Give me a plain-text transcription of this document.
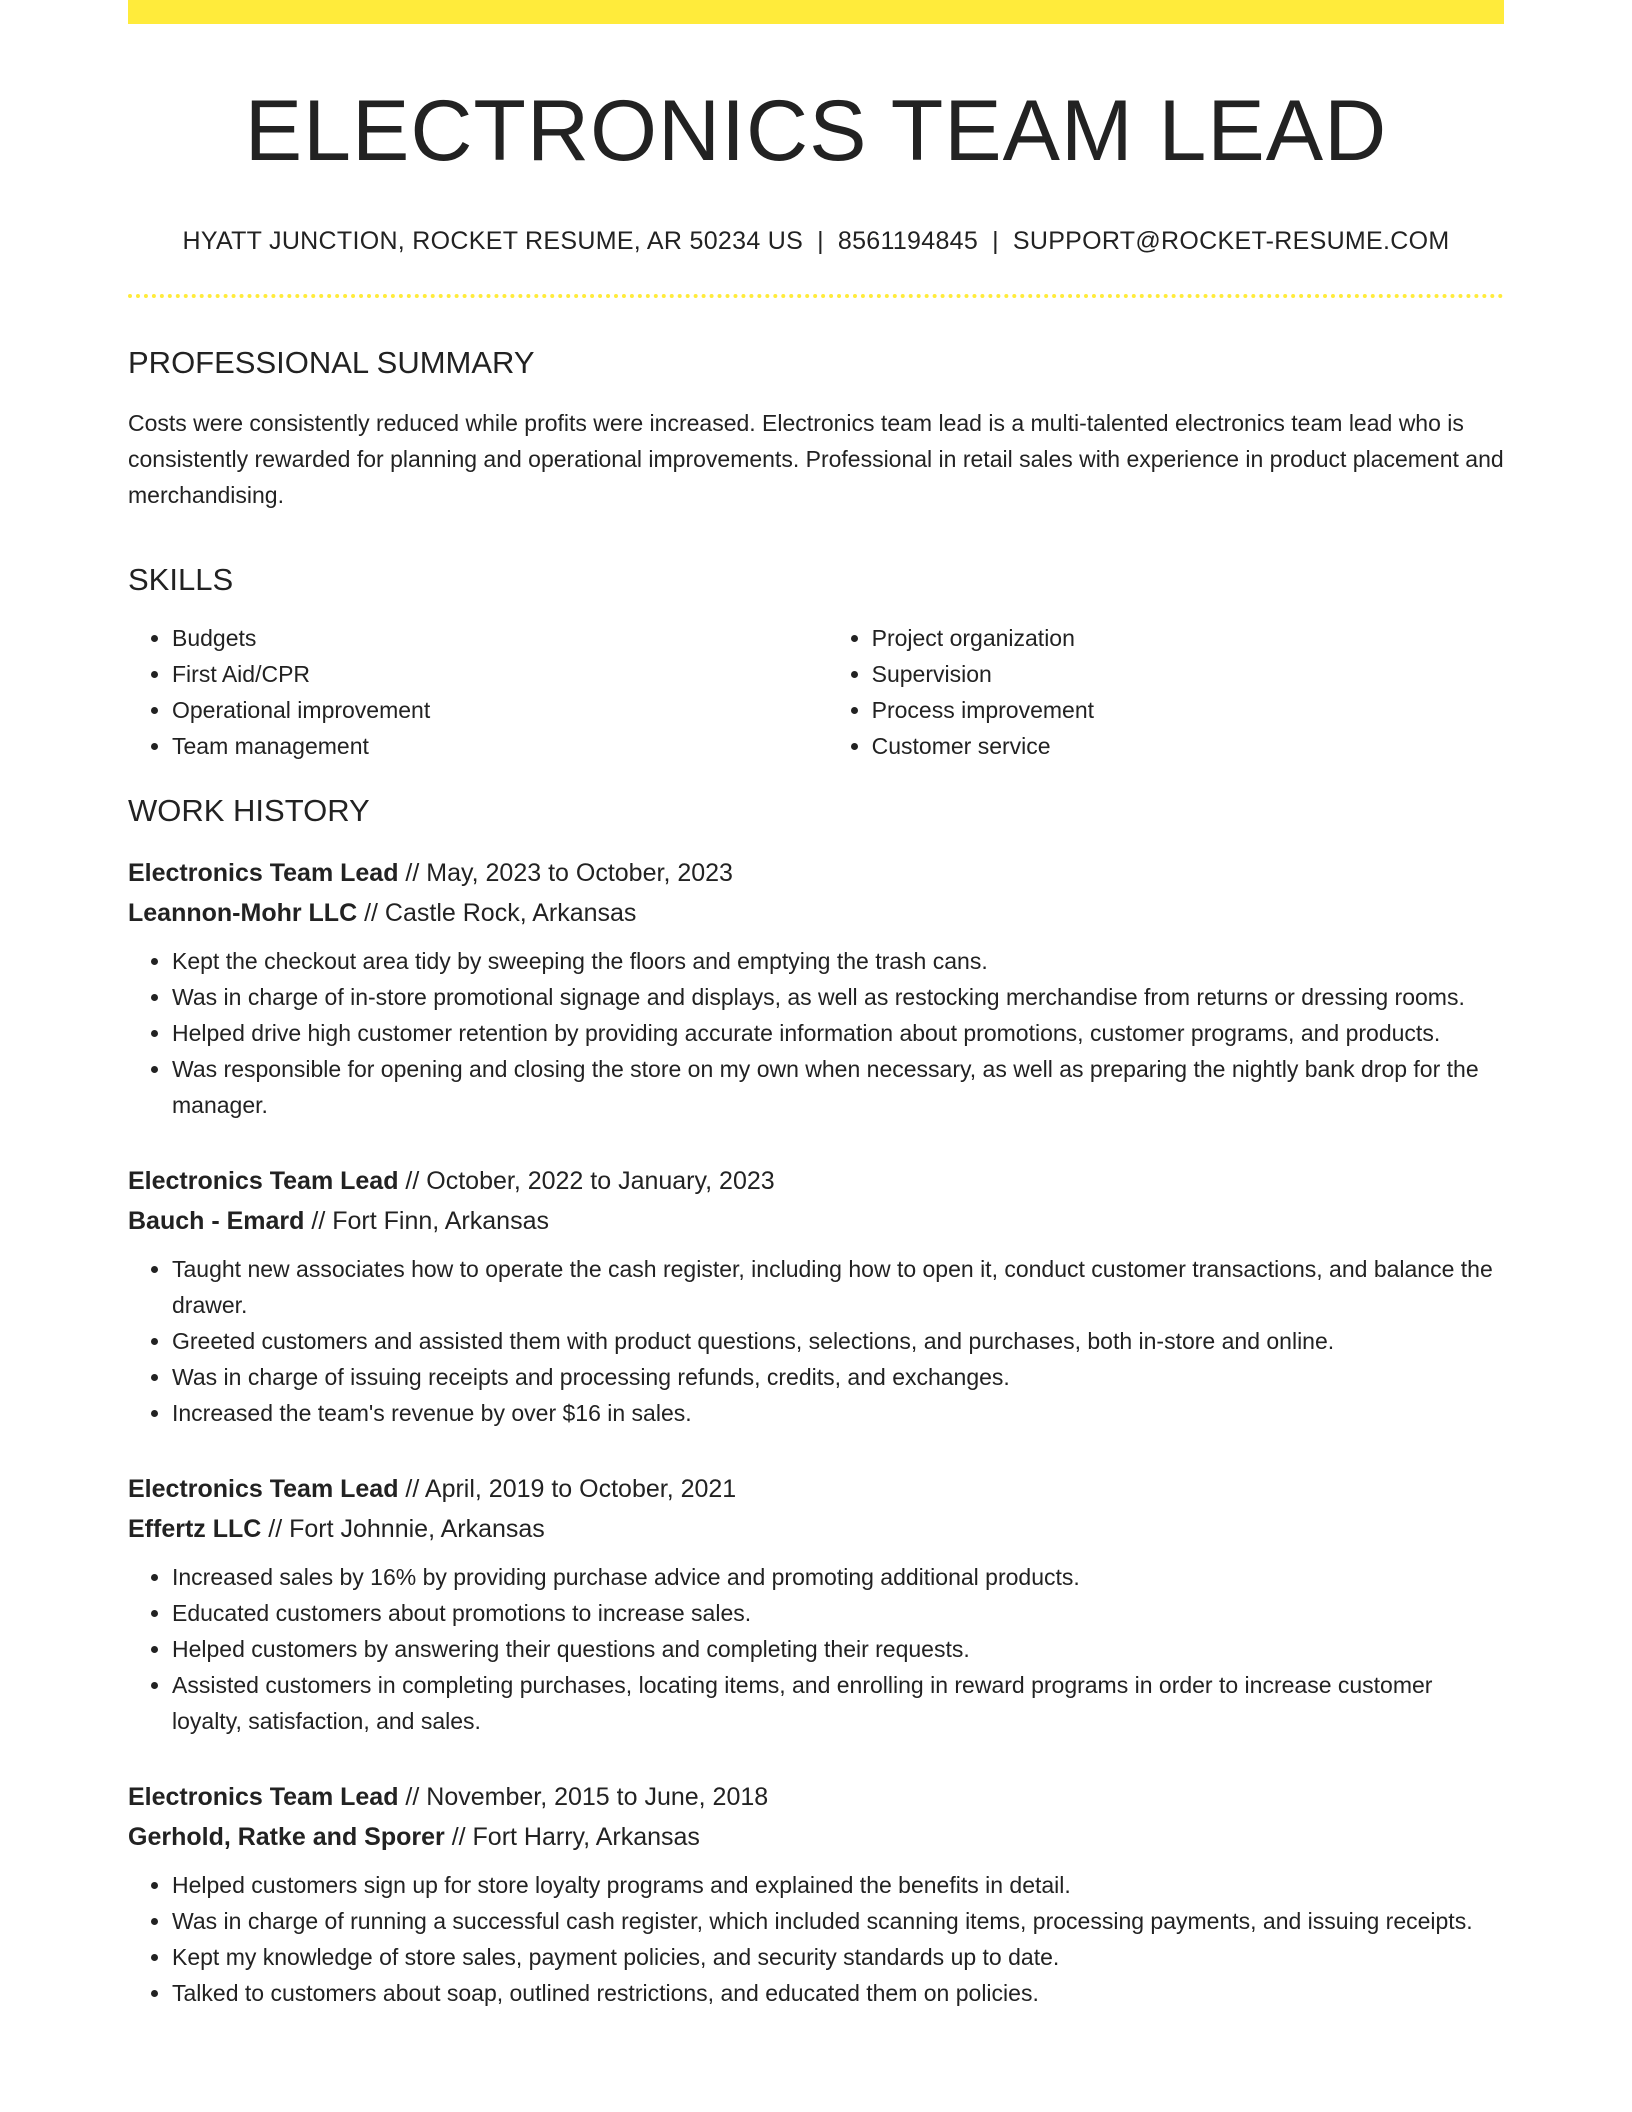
ELECTRONICS TEAM LEAD
HYATT JUNCTION, ROCKET RESUME, AR 50234 US | 8561194845 | SUPPORT@ROCKET-RESUME.COM
PROFESSIONAL SUMMARY

Costs were consistently reduced while profits were increased. Electronics team lead is a multi-talented electronics team lead who is consistently rewarded for planning and operational improvements. Professional in retail sales with experience in product placement and merchandising.

SKILLS
• Budgets
• First Aid/CPR
• Operational improvement
• Team management
• Project organization
• Supervision
• Process improvement
• Customer service
WORK HISTORY
Electronics Team Lead // May, 2023 to October, 2023
Leannon-Mohr LLC // Castle Rock, Arkansas
• Kept the checkout area tidy by sweeping the floors and emptying the trash cans.
• Was in charge of in-store promotional signage and displays, as well as restocking merchandise from returns or dressing rooms.
• Helped drive high customer retention by providing accurate information about promotions, customer programs, and products.
• Was responsible for opening and closing the store on my own when necessary, as well as preparing the nightly bank drop for the manager.
Electronics Team Lead // October, 2022 to January, 2023
Bauch - Emard // Fort Finn, Arkansas
• Taught new associates how to operate the cash register, including how to open it, conduct customer transactions, and balance the drawer.
• Greeted customers and assisted them with product questions, selections, and purchases, both in-store and online.
• Was in charge of issuing receipts and processing refunds, credits, and exchanges.
• Increased the team's revenue by over $16 in sales.
Electronics Team Lead // April, 2019 to October, 2021
Effertz LLC // Fort Johnnie, Arkansas
• Increased sales by 16% by providing purchase advice and promoting additional products.
• Educated customers about promotions to increase sales.
• Helped customers by answering their questions and completing their requests.
• Assisted customers in completing purchases, locating items, and enrolling in reward programs in order to increase customer loyalty, satisfaction, and sales.
Electronics Team Lead // November, 2015 to June, 2018
Gerhold, Ratke and Sporer // Fort Harry, Arkansas
• Helped customers sign up for store loyalty programs and explained the benefits in detail.
• Was in charge of running a successful cash register, which included scanning items, processing payments, and issuing receipts.
• Kept my knowledge of store sales, payment policies, and security standards up to date.
• Talked to customers about soap, outlined restrictions, and educated them on policies.
